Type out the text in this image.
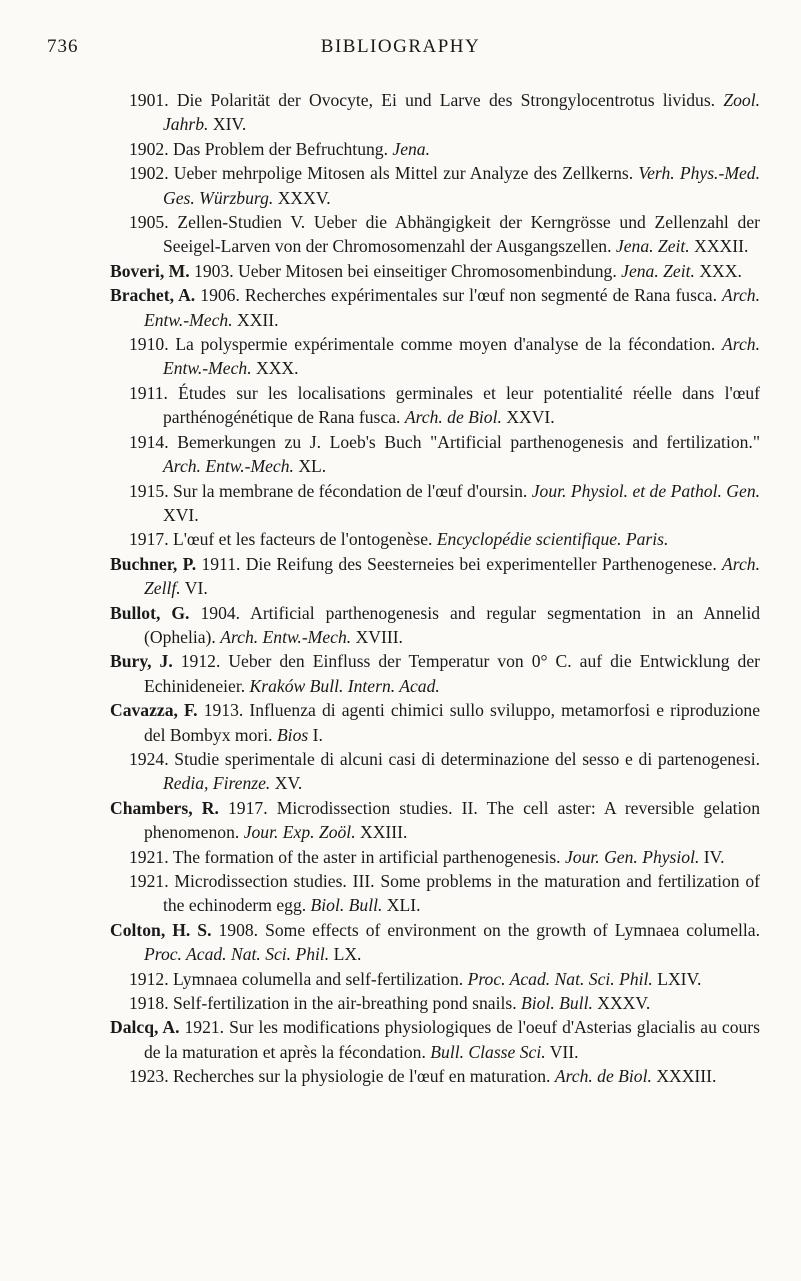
736	BIBLIOGRAPHY
1901. Die Polarität der Ovocyte, Ei und Larve des Strongylocentrotus lividus. Zool. Jahrb. XIV.
1902. Das Problem der Befruchtung. Jena.
1902. Ueber mehrpolige Mitosen als Mittel zur Analyze des Zellkerns. Verh. Phys.-Med. Ges. Würzburg. XXXV.
1905. Zellen-Studien V. Ueber die Abhängigkeit der Kerngrösse und Zellenzahl der Seeigel-Larven von der Chromosomenzahl der Ausgangszellen. Jena. Zeit. XXXII.
Boveri, M. 1903. Ueber Mitosen bei einseitiger Chromosomenbindung. Jena. Zeit. XXX.
Brachet, A. 1906. Recherches expérimentales sur l'œuf non segmenté de Rana fusca. Arch. Entw.-Mech. XXII.
1910. La polyspermie expérimentale comme moyen d'analyse de la fécondation. Arch. Entw.-Mech. XXX.
1911. Études sur les localisations germinales et leur potentialité réelle dans l'œuf parthénogénétique de Rana fusca. Arch. de Biol. XXVI.
1914. Bemerkungen zu J. Loeb's Buch "Artificial parthenogenesis and fertilization." Arch. Entw.-Mech. XL.
1915. Sur la membrane de fécondation de l'œuf d'oursin. Jour. Physiol. et de Pathol. Gen. XVI.
1917. L'œuf et les facteurs de l'ontogenèse. Encyclopédie scientifique. Paris.
Buchner, P. 1911. Die Reifung des Seesterneies bei experimenteller Parthenogenese. Arch. Zellf. VI.
Bullot, G. 1904. Artificial parthenogenesis and regular segmentation in an Annelid (Ophelia). Arch. Entw.-Mech. XVIII.
Bury, J. 1912. Ueber den Einfluss der Temperatur von 0° C. auf die Entwicklung der Echinideneier. Kraków Bull. Intern. Acad.
Cavazza, F. 1913. Influenza di agenti chimici sullo sviluppo, metamorfosi e riproduzione del Bombyx mori. Bios I.
1924. Studie sperimentale di alcuni casi di determinazione del sesso e di partenogenesi. Redia, Firenze. XV.
Chambers, R. 1917. Microdissection studies. II. The cell aster: A reversible gelation phenomenon. Jour. Exp. Zoöl. XXIII.
1921. The formation of the aster in artificial parthenogenesis. Jour. Gen. Physiol. IV.
1921. Microdissection studies. III. Some problems in the maturation and fertilization of the echinoderm egg. Biol. Bull. XLI.
Colton, H. S. 1908. Some effects of environment on the growth of Lymnaea columella. Proc. Acad. Nat. Sci. Phil. LX.
1912. Lymnaea columella and self-fertilization. Proc. Acad. Nat. Sci. Phil. LXIV.
1918. Self-fertilization in the air-breathing pond snails. Biol. Bull. XXXV.
Dalcq, A. 1921. Sur les modifications physiologiques de l'oeuf d'Asterias glacialis au cours de la maturation et après la fécondation. Bull. Classe Sci. VII.
1923. Recherches sur la physiologie de l'œuf en maturation. Arch. de Biol. XXXIII.
